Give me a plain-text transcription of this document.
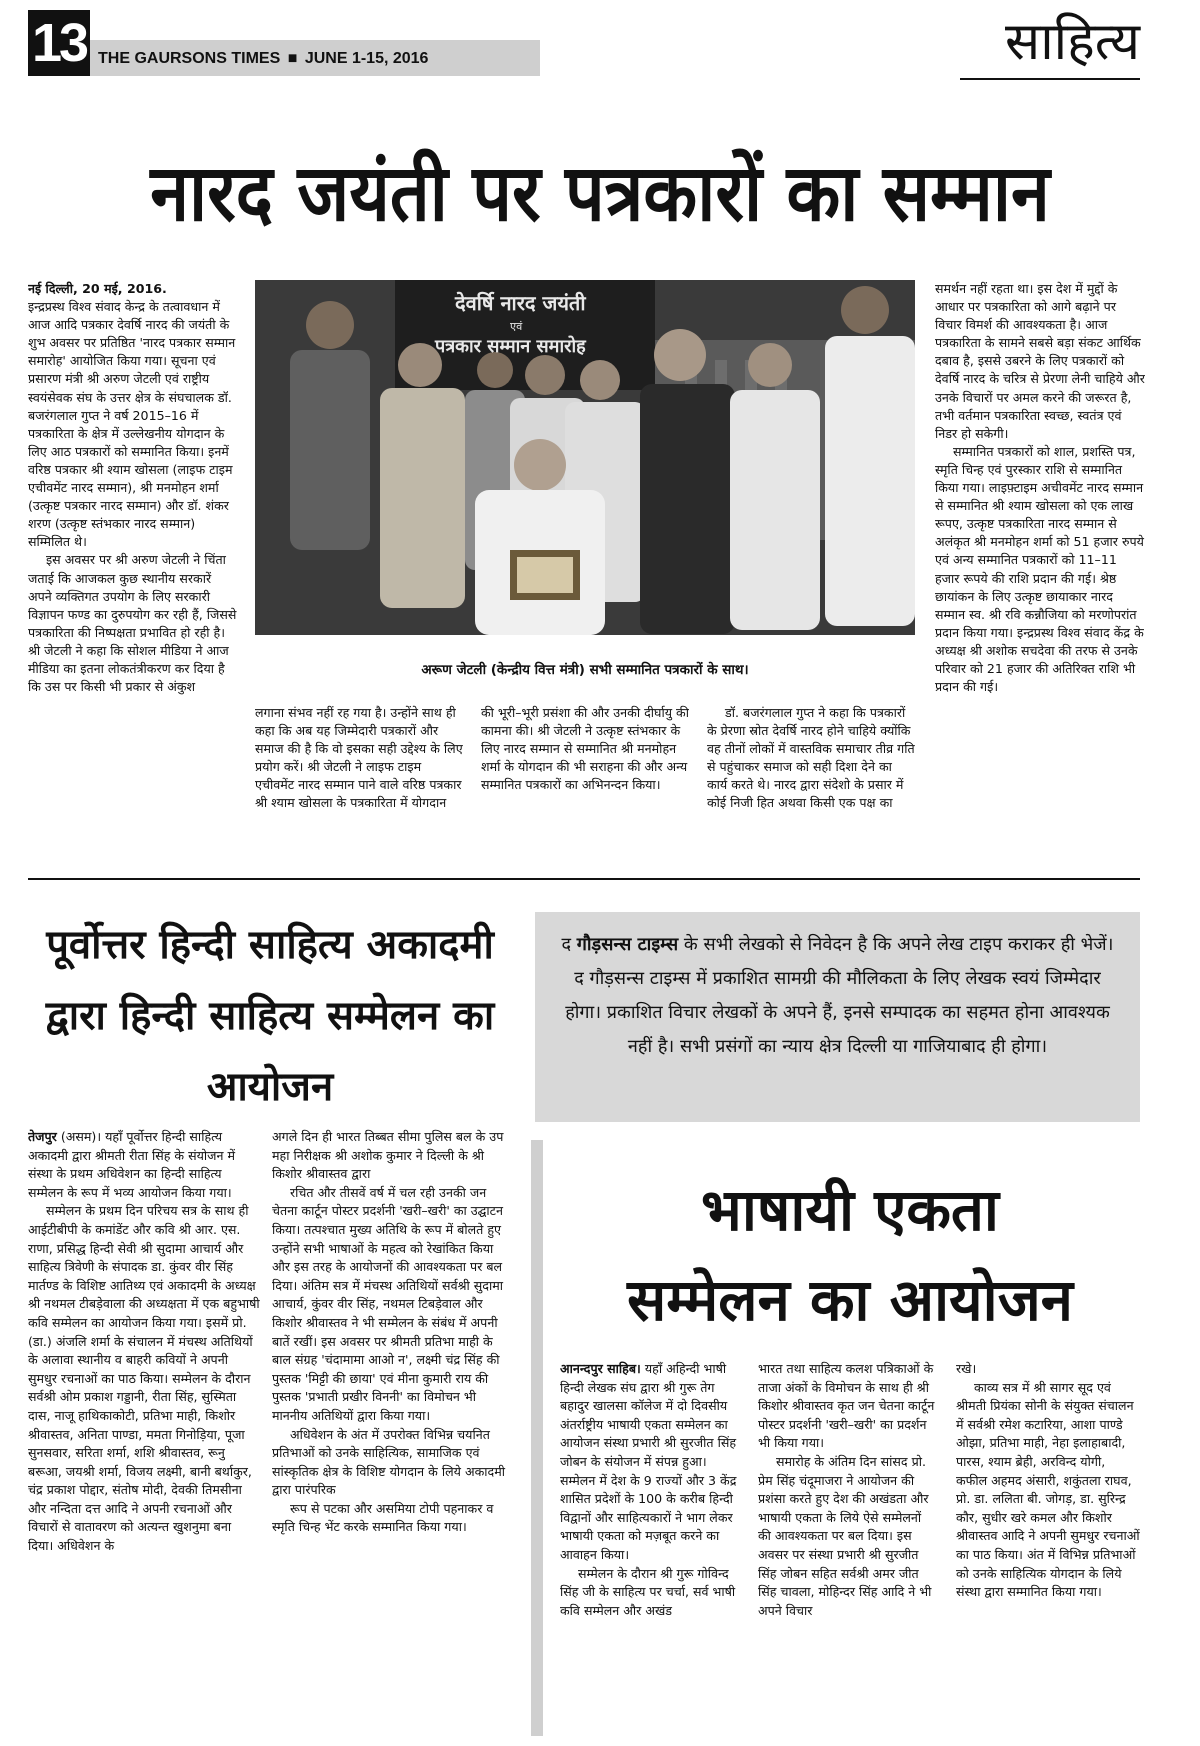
13 THE GAURSONS TIMES ■ JUNE 1-15, 2016	साहित्य
नारद जयंती पर पत्रकारों का सम्मान

नई दिल्ली, 20 मई, 2016.

इन्द्रप्रस्थ विश्व संवाद केन्द्र के तत्वावधान में आज आदि पत्रकार देवर्षि नारद की जयंती के शुभ अवसर पर प्रतिष्ठित 'नारद पत्रकार सम्मान समारोह' आयोजित किया गया। सूचना एवं प्रसारण मंत्री श्री अरुण जेटली एवं राष्ट्रीय स्वयंसेवक संघ के उत्तर क्षेत्र के संघचालक डॉ. बजरंगलाल गुप्त ने वर्ष 2015–16 में पत्रकारिता के क्षेत्र में उल्लेखनीय योगदान के लिए आठ पत्रकारों को सम्मानित किया। इनमें वरिष्ठ पत्रकार श्री श्याम खोसला (लाइफ टाइम एचीवमेंट नारद सम्मान), श्री मनमोहन शर्मा (उत्कृष्ट पत्रकार नारद सम्मान) और डॉ. शंकर शरण (उत्कृष्ट स्तंभकार नारद सम्मान) सम्मिलित थे।

इस अवसर पर श्री अरुण जेटली ने चिंता जताई कि आजकल कुछ स्थानीय सरकारें अपने व्यक्तिगत उपयोग के लिए सरकारी विज्ञापन फण्ड का दुरुपयोग कर रही हैं, जिससे पत्रकारिता की निष्पक्षता प्रभावित हो रही है। श्री जेटली ने कहा कि सोशल मीडिया ने आज मीडिया का इतना लोकतंत्रीकरण कर दिया है कि उस पर किसी भी प्रकार से अंकुश

देवर्षि नारद जयंती
एवं
पत्रकार सम्मान समारोह
अरूण जेटली (केन्द्रीय वित्त मंत्री) सभी सम्मानित पत्रकारों के साथ।

लगाना संभव नहीं रह गया है। उन्होंने साथ ही कहा कि अब यह जिम्मेदारी पत्रकारों और समाज की है कि वो इसका सही उद्देश्य के लिए प्रयोग करें। श्री जेटली ने लाइफ टाइम एचीवमेंट नारद सम्मान पाने वाले वरिष्ठ पत्रकार श्री श्याम खोसला के पत्रकारिता में योगदान

की भूरी–भूरी प्रसंशा की और उनकी दीर्घायु की कामना की। श्री जेटली ने उत्कृष्ट स्तंभकार के लिए नारद सम्मान से सम्मानित श्री मनमोहन शर्मा के योगदान की भी सराहना की और अन्य सम्मानित पत्रकारों का अभिनन्दन किया।

डॉ. बजरंगलाल गुप्त ने कहा कि पत्रकारों के प्रेरणा स्रोत देवर्षि नारद होने चाहिये क्योंकि वह तीनों लोकों में वास्तविक समाचार तीव्र गति से पहुंचाकर समाज को सही दिशा देने का कार्य करते थे। नारद द्वारा संदेशो के प्रसार में कोई निजी हित अथवा किसी एक पक्ष का

समर्थन नहीं रहता था। इस देश में मुद्दों के आधार पर पत्रकारिता को आगे बढ़ाने पर विचार विमर्श की आवश्यकता है। आज पत्रकारिता के सामने सबसे बड़ा संकट आर्थिक दबाव है, इससे उबरने के लिए पत्रकारों को देवर्षि नारद के चरित्र से प्रेरणा लेनी चाहिये और उनके विचारों पर अमल करने की जरूरत है, तभी वर्तमान पत्रकारिता स्वच्छ, स्वतंत्र एवं निडर हो सकेगी।

सम्मानित पत्रकारों को शाल, प्रशस्ति पत्र, स्मृति चिन्ह एवं पुरस्कार राशि से सम्मानित किया गया। लाइफ़्टाइम अचीवमेंट नारद सम्मान से सम्मानित श्री श्याम खोसला को एक लाख रूपए, उत्कृष्ट पत्रकारिता नारद सम्मान से अलंकृत श्री मनमोहन शर्मा को 51 हजार रुपये एवं अन्य सम्मानित पत्रकारों को 11–11 हजार रूपये की राशि प्रदान की गई। श्रेष्ठ छायांकन के लिए उत्कृष्ट छायाकार नारद सम्मान स्व. श्री रवि कन्नौजिया को मरणोपरांत प्रदान किया गया। इन्द्रप्रस्थ विश्व संवाद केंद्र के अध्यक्ष श्री अशोक सचदेवा की तरफ से उनके परिवार को 21 हजार की अतिरिक्त राशि भी प्रदान की गई।

पूर्वोत्तर हिन्दी साहित्य अकादमी द्वारा हिन्दी साहित्य सम्मेलन का आयोजन

तेजपुर (असम)। यहाँ पूर्वोत्तर हिन्दी साहित्य अकादमी द्वारा श्रीमती रीता सिंह के संयोजन में संस्था के प्रथम अधिवेशन का हिन्दी साहित्य सम्मेलन के रूप में भव्य आयोजन किया गया।

सम्मेलन के प्रथम दिन परिचय सत्र के साथ ही आईटीबीपी के कमांडेंट और कवि श्री आर. एस. राणा, प्रसिद्ध हिन्दी सेवी श्री सुदामा आचार्य और साहित्य त्रिवेणी के संपादक डा. कुंवर वीर सिंह मार्तण्ड के विशिष्ट आतिथ्य एवं अकादमी के अध्यक्ष श्री नथमल टीबड़ेवाला की अध्यक्षता में एक बहुभाषी कवि सम्मेलन का आयोजन किया गया। इसमें प्रो. (डा.) अंजलि शर्मा के संचालन में मंचस्थ अतिथियों के अलावा स्थानीय व बाहरी कवियों ने अपनी सुमधुर रचनाओं का पाठ किया। सम्मेलन के दौरान सर्वश्री ओम प्रकाश गड्डानी, रीता सिंह, सुस्मिता दास, नाजू हाथिकाकोटी, प्रतिभा माही, किशोर श्रीवास्तव, अनिता पाण्डा, ममता गिनोड़िया, पूजा सुनसवार, सरिता शर्मा, शशि श्रीवास्तव, रूनु बरूआ, जयश्री शर्मा, विजय लक्ष्मी, बानी बर्थाकुर, चंद्र प्रकाश पोद्दार, संतोष मोदी, देवकी तिमसीना और नन्दिता दत्त आदि ने अपनी रचनाओं और विचारों से वातावरण को अत्यन्त खुशनुमा बना दिया। अधिवेशन के

अगले दिन ही भारत तिब्बत सीमा पुलिस बल के उप महा निरीक्षक श्री अशोक कुमार ने दिल्ली के श्री किशोर श्रीवास्तव द्वारा

रचित और तीसवें वर्ष में चल रही उनकी जन चेतना कार्टून पोस्टर प्रदर्शनी 'खरी–खरी' का उद्घाटन किया। तत्पश्चात मुख्य अतिथि के रूप में बोलते हुए उन्होंने सभी भाषाओं के महत्व को रेखांकित किया और इस तरह के आयोजनों की आवश्यकता पर बल दिया। अंतिम सत्र में मंचस्थ अतिथियों सर्वश्री सुदामा आचार्य, कुंवर वीर सिंह, नथमल टिबड़ेवाल और किशोर श्रीवास्तव ने भी सम्मेलन के संबंध में अपनी बातें रखीं। इस अवसर पर श्रीमती प्रतिभा माही के बाल संग्रह 'चंदामामा आओ न', लक्ष्मी चंद्र सिंह की पुस्तक 'मिट्टी की छाया' एवं मीना कुमारी राय की पुस्तक 'प्रभाती प्रखीर विननी' का विमोचन भी माननीय अतिथियों द्वारा किया गया।

अधिवेशन के अंत में उपरोक्त विभिन्न चयनित प्रतिभाओं को उनके साहित्यिक, सामाजिक एवं सांस्कृतिक क्षेत्र के विशिष्ट योगदान के लिये अकादमी द्वारा पारंपरिक

रूप से पटका और असमिया टोपी पहनाकर व स्मृति चिन्ह भेंट करके सम्मानित किया गया।

द गौड़सन्स टाइम्स के सभी लेखको से निवेदन है कि अपने लेख टाइप कराकर ही भेजें। द गौड़सन्स टाइम्स में प्रकाशित सामग्री की मौलिकता के लिए लेखक स्वयं जिम्मेदार होगा। प्रकाशित विचार लेखकों के अपने हैं, इनसे सम्पादक का सहमत होना आवश्यक नहीं है। सभी प्रसंगों का न्याय क्षेत्र दिल्ली या गाजियाबाद ही होगा।
भाषायी एकता
सम्मेलन का आयोजन

आनन्दपुर साहिब। यहाँ अहिन्दी भाषी हिन्दी लेखक संघ द्वारा श्री गुरू तेग बहादुर खालसा कॉलेज में दो दिवसीय अंतर्राष्ट्रीय भाषायी एकता सम्मेलन का आयोजन संस्था प्रभारी श्री सुरजीत सिंह जोबन के संयोजन में संपन्न हुआ। सम्मेलन में देश के 9 राज्यों और 3 केंद्र शासित प्रदेशों के 100 के करीब हिन्दी विद्वानों और साहित्यकारों ने भाग लेकर भाषायी एकता को मज़बूत करने का आवाहन किया।

सम्मेलन के दौरान श्री गुरू गोविन्द सिंह जी के साहित्य पर चर्चा, सर्व भाषी कवि सम्मेलन और अखंड

भारत तथा साहित्य कलश पत्रिकाओं के ताजा अंकों के विमोचन के साथ ही श्री किशोर श्रीवास्तव कृत जन चेतना कार्टून पोस्टर प्रदर्शनी 'खरी–खरी' का प्रदर्शन भी किया गया।

समारोह के अंतिम दिन सांसद प्रो. प्रेम सिंह चंदूमाजरा ने आयोजन की प्रशंसा करते हुए देश की अखंडता और भाषायी एकता के लिये ऐसे सम्मेलनों की आवश्यकता पर बल दिया। इस अवसर पर संस्था प्रभारी श्री सुरजीत सिंह जोबन सहित सर्वश्री अमर जीत सिंह चावला, मोहिन्दर सिंह आदि ने भी अपने विचार

रखे।

काव्य सत्र में श्री सागर सूद एवं श्रीमती प्रियंका सोनी के संयुक्त संचालन में सर्वश्री रमेश कटारिया, आशा पाण्डे ओझा, प्रतिभा माही, नेहा इलाहाबादी, पारस, श्याम ब्रेही, अरविन्द योगी, कफील अहमद अंसारी, शकुंतला राघव, प्रो. डा. ललिता बी. जोगड़, डा. सुरिन्द्र कौर, सुधीर खरे कमल और किशोर श्रीवास्तव आदि ने अपनी सुमधुर रचनाओं का पाठ किया। अंत में विभिन्न प्रतिभाओं को उनके साहित्यिक योगदान के लिये संस्था द्वारा सम्मानित किया गया।
